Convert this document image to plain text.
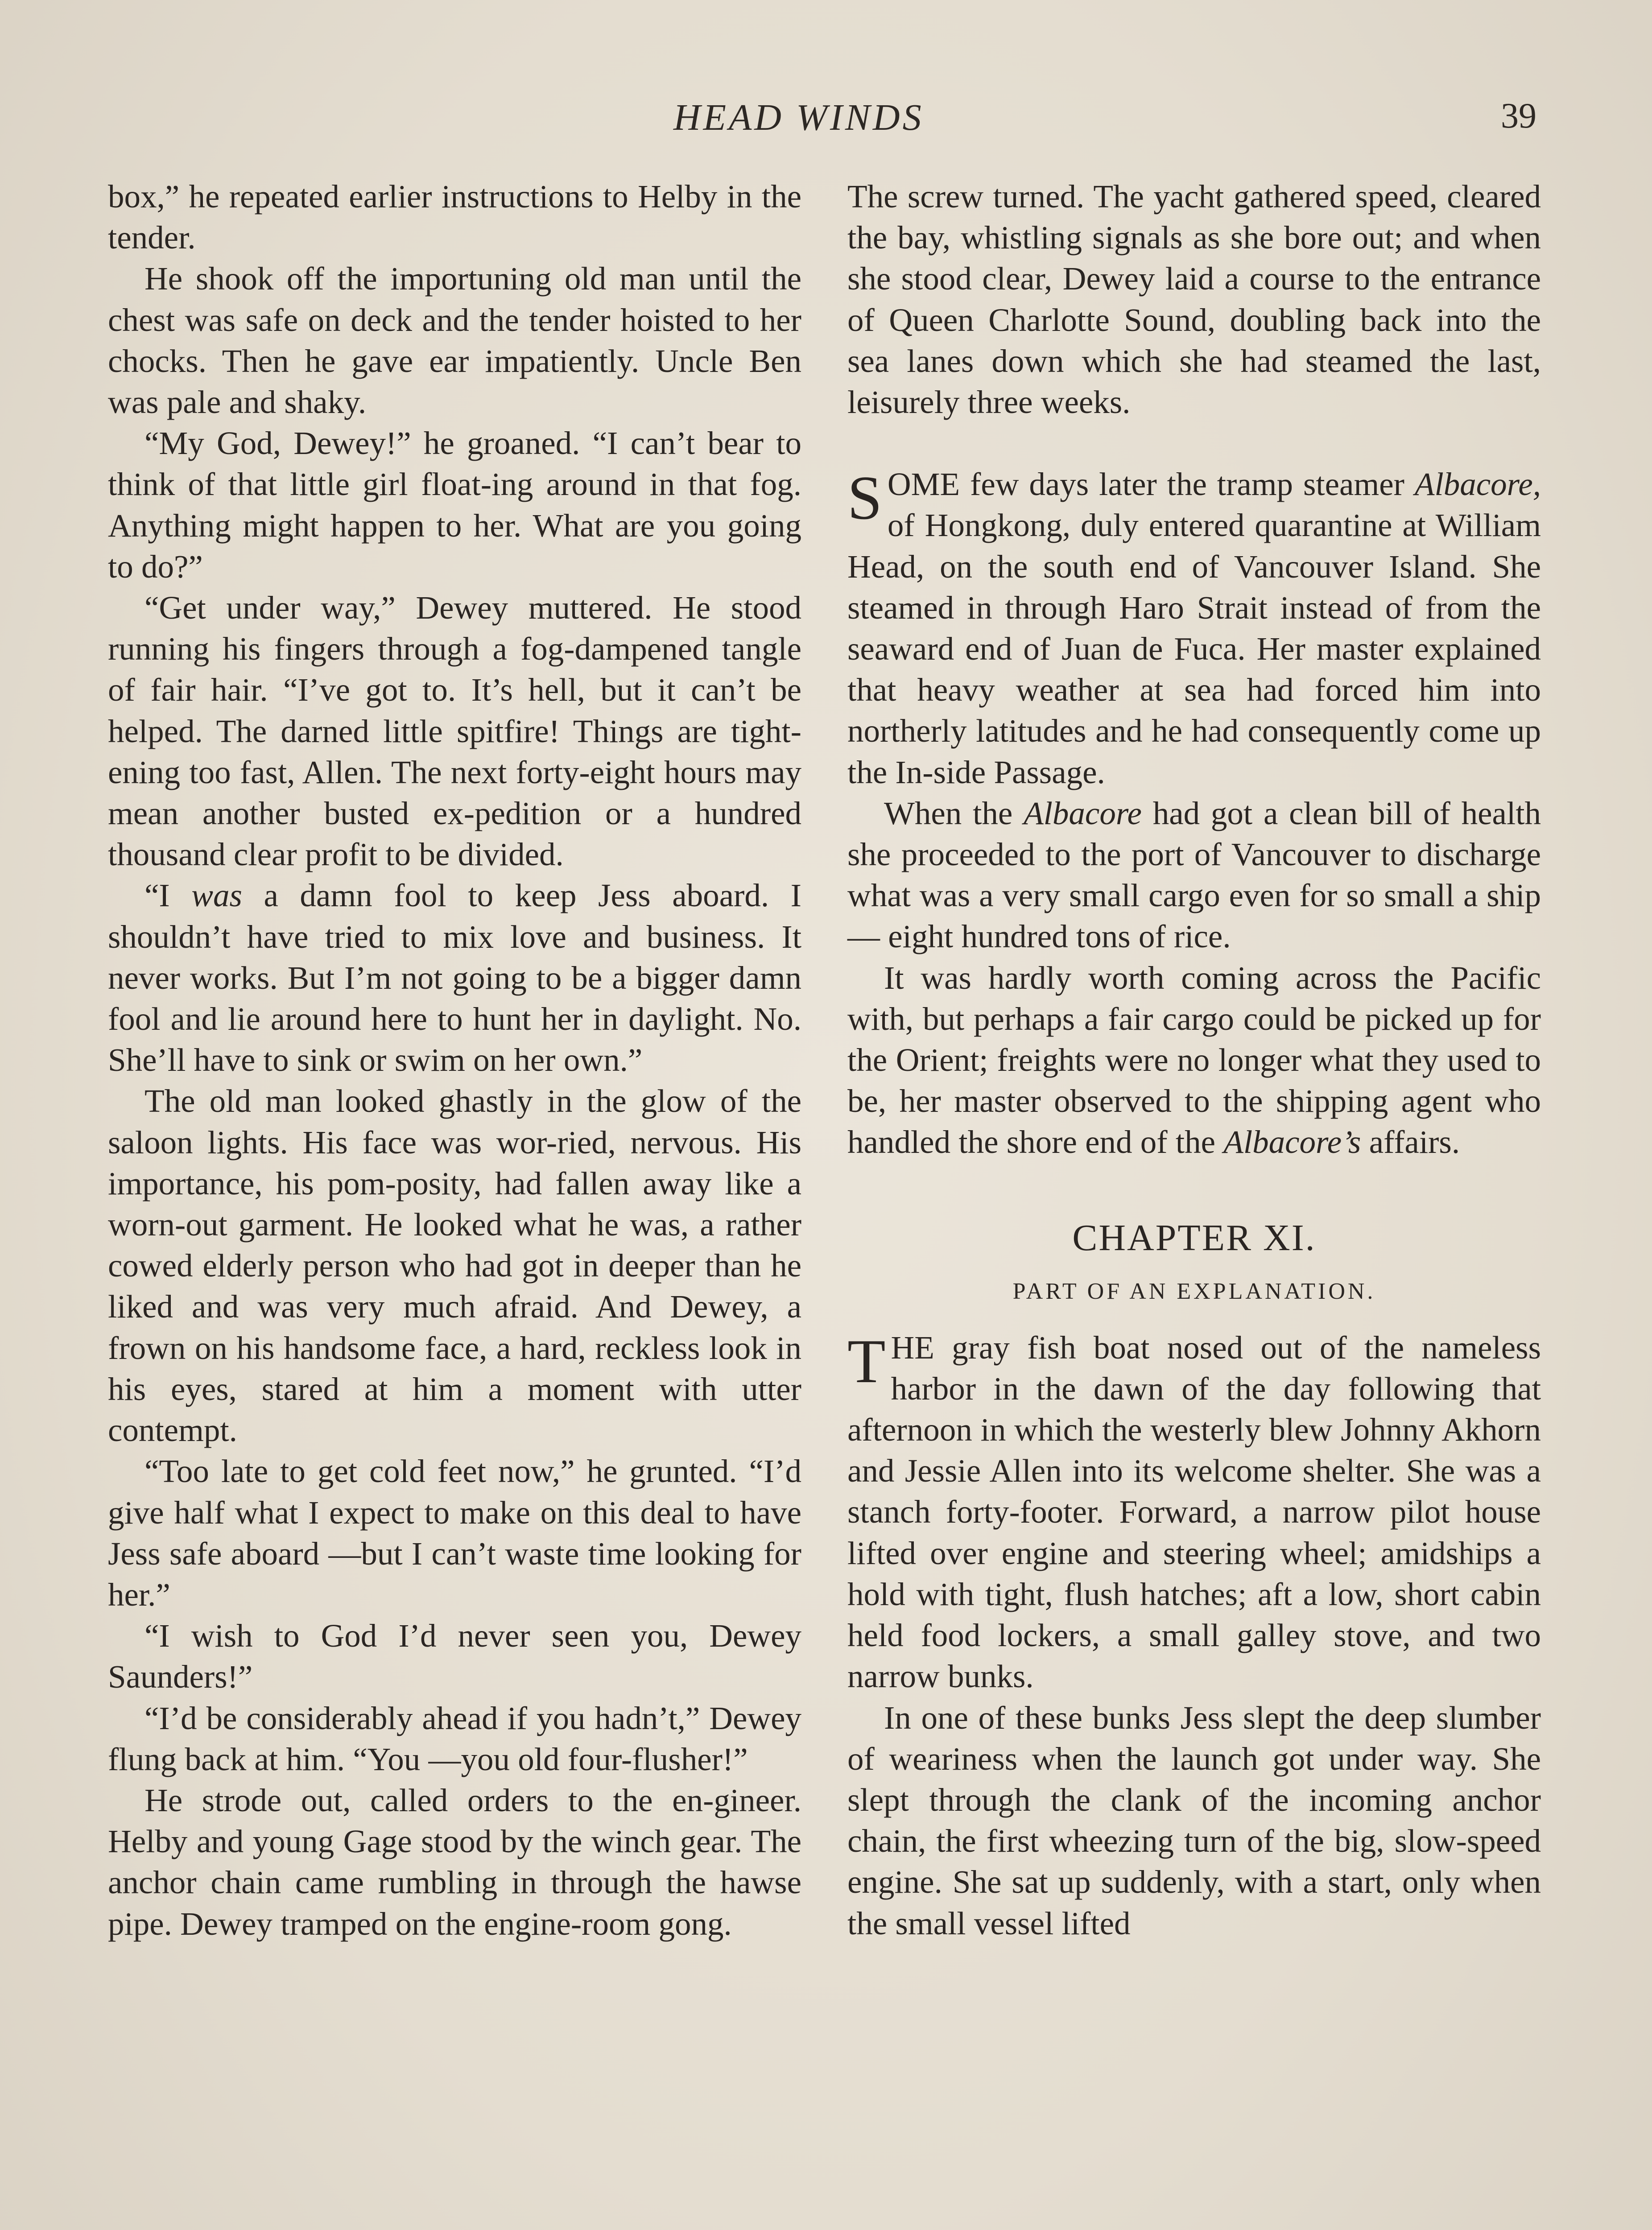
HEAD WINDS	39

box,” he repeated earlier instructions to Helby in the tender.

He shook off the importuning old man until the chest was safe on deck and the tender hoisted to her chocks. Then he gave ear impatiently. Uncle Ben was pale and shaky.

“My God, Dewey!” he groaned. “I can’t bear to think of that little girl float-ing around in that fog. Anything might happen to her. What are you going to do?”

“Get under way,” Dewey muttered. He stood running his fingers through a fog-dampened tangle of fair hair. “I’ve got to. It’s hell, but it can’t be helped. The darned little spitfire! Things are tight-ening too fast, Allen. The next forty-eight hours may mean another busted ex-pedition or a hundred thousand clear profit to be divided.

“I was a damn fool to keep Jess aboard. I shouldn’t have tried to mix love and business. It never works. But I’m not going to be a bigger damn fool and lie around here to hunt her in daylight. No. She’ll have to sink or swim on her own.”

The old man looked ghastly in the glow of the saloon lights. His face was wor-ried, nervous. His importance, his pom-posity, had fallen away like a worn-out garment. He looked what he was, a rather cowed elderly person who had got in deeper than he liked and was very much afraid. And Dewey, a frown on his handsome face, a hard, reckless look in his eyes, stared at him a moment with utter contempt.

“Too late to get cold feet now,” he grunted. “I’d give half what I expect to make on this deal to have Jess safe aboard —but I can’t waste time looking for her.”

“I wish to God I’d never seen you, Dewey Saunders!”

“I’d be considerably ahead if you hadn’t,” Dewey flung back at him. “You —you old four-flusher!”

He strode out, called orders to the en-gineer. Helby and young Gage stood by the winch gear. The anchor chain came rumbling in through the hawse pipe. Dewey tramped on the engine-room gong.

The screw turned. The yacht gathered speed, cleared the bay, whistling signals as she bore out; and when she stood clear, Dewey laid a course to the entrance of Queen Charlotte Sound, doubling back into the sea lanes down which she had steamed the last, leisurely three weeks.

SOME few days later the tramp steamer Albacore, of Hongkong, duly entered quarantine at William Head, on the south end of Vancouver Island. She steamed in through Haro Strait instead of from the seaward end of Juan de Fuca. Her master explained that heavy weather at sea had forced him into northerly latitudes and he had consequently come up the In-side Passage.

When the Albacore had got a clean bill of health she proceeded to the port of Vancouver to discharge what was a very small cargo even for so small a ship— eight hundred tons of rice.

It was hardly worth coming across the Pacific with, but perhaps a fair cargo could be picked up for the Orient; freights were no longer what they used to be, her master observed to the shipping agent who handled the shore end of the Albacore’s affairs.

CHAPTER XI.
PART OF AN EXPLANATION.

THE gray fish boat nosed out of the nameless harbor in the dawn of the day following that afternoon in which the westerly blew Johnny Akhorn and Jessie Allen into its welcome shelter. She was a stanch forty-footer. Forward, a narrow pilot house lifted over engine and steering wheel; amidships a hold with tight, flush hatches; aft a low, short cabin held food lockers, a small galley stove, and two narrow bunks.

In one of these bunks Jess slept the deep slumber of weariness when the launch got under way. She slept through the clank of the incoming anchor chain, the first wheezing turn of the big, slow-speed engine. She sat up suddenly, with a start, only when the small vessel lifted
